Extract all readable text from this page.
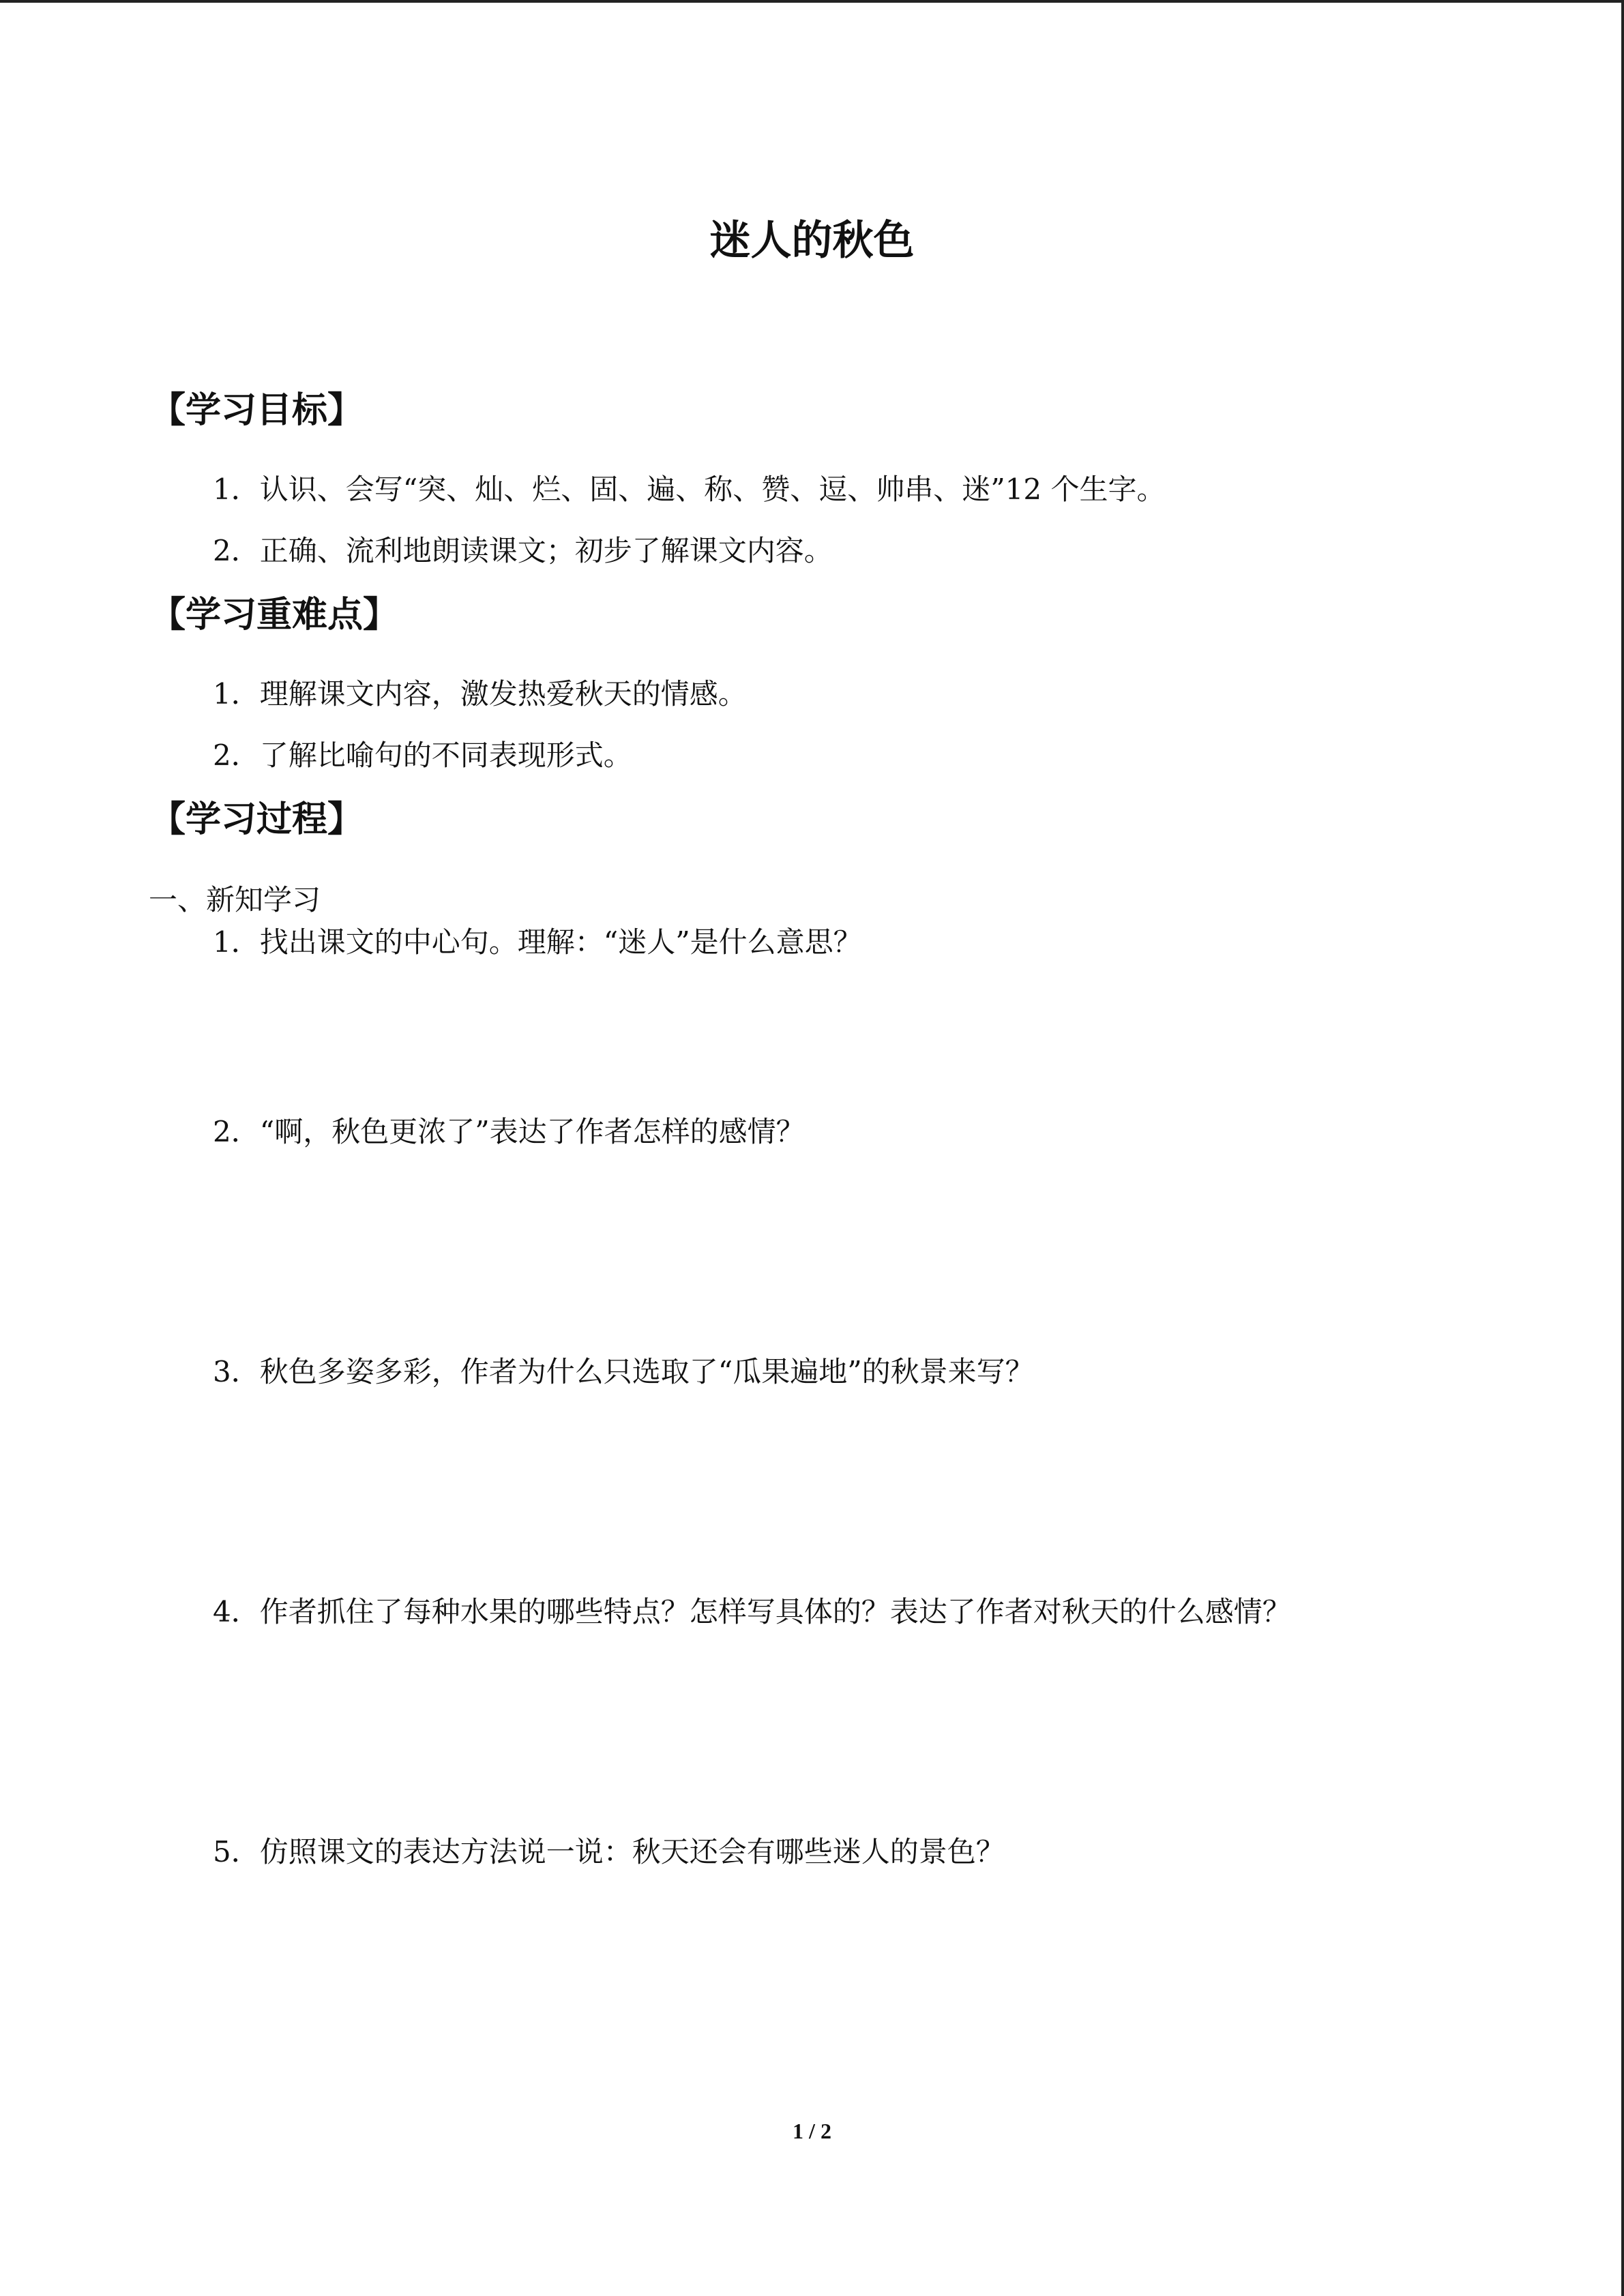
迷人的秋色
【学习目标】
1．认识、会写“突、灿、烂、固、遍、称、赞、逗、帅串、迷”12 个生字。
2．正确、流利地朗读课文；初步了解课文内容。
【学习重难点】
1．理解课文内容，激发热爱秋天的情感。
2．了解比喻句的不同表现形式。
【学习过程】
一、新知学习
1．找出课文的中心句。理解：“迷人”是什么意思？
2．“啊，秋色更浓了”表达了作者怎样的感情？
3．秋色多姿多彩，作者为什么只选取了“瓜果遍地”的秋景来写？
4．作者抓住了每种水果的哪些特点？怎样写具体的？表达了作者对秋天的什么感情？
5．仿照课文的表达方法说一说：秋天还会有哪些迷人的景色？
1 / 2
